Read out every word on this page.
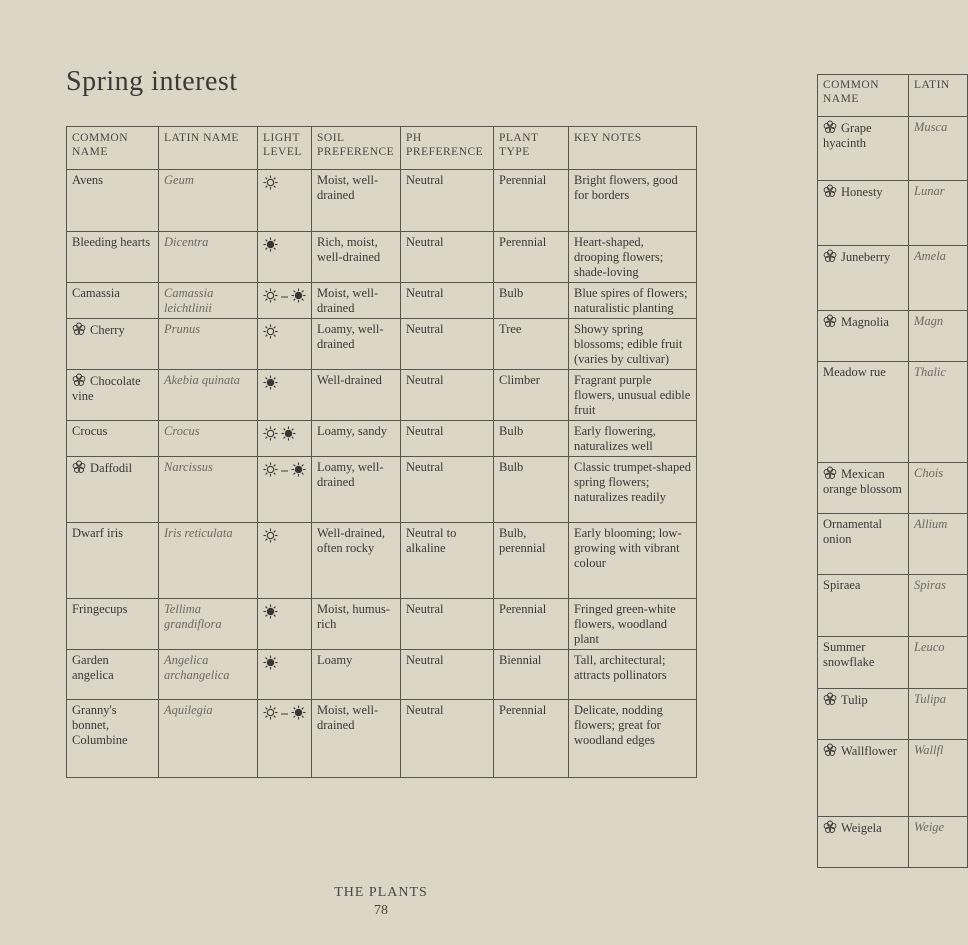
Spring interest
COMMON NAME	LATIN NAME	LIGHT LEVEL	SOIL PREFERENCE	PH PREFERENCE	PLANT TYPE	KEY NOTES
Avens	Geum		Moist, well-drained	Neutral	Perennial	Bright flowers, good for borders
Bleeding hearts	Dicentra		Rich, moist, well-drained	Neutral	Perennial	Heart-shaped, drooping flowers; shade-loving
Camassia	Camassia leichtlinii		Moist, well-drained	Neutral	Bulb	Blue spires of flowers; naturalistic planting
Cherry	Prunus		Loamy, well-drained	Neutral	Tree	Showy spring blossoms; edible fruit (varies by cultivar)
Chocolate vine	Akebia quinata		Well-drained	Neutral	Climber	Fragrant purple flowers, unusual edible fruit
Crocus	Crocus		Loamy, sandy	Neutral	Bulb	Early flowering, naturalizes well
Daffodil	Narcissus		Loamy, well-drained	Neutral	Bulb	Classic trumpet-shaped spring flowers; naturalizes readily
Dwarf iris	Iris reticulata		Well-drained, often rocky	Neutral to alkaline	Bulb, perennial	Early blooming; low-growing with vibrant colour
Fringecups	Tellima grandiflora		Moist, humus-rich	Neutral	Perennial	Fringed green-white flowers, woodland plant
Garden angelica	Angelica archangelica		Loamy	Neutral	Biennial	Tall, architectural; attracts pollinators
Granny's bonnet, Columbine	Aquilegia		Moist, well-drained	Neutral	Perennial	Delicate, nodding flowers; great for woodland edges
COMMON NAME	LATIN
Grape hyacinth	Musca
Honesty	Lunar
Juneberry	Amela
Magnolia	Magn
Meadow rue	Thalic
Mexican orange blossom	Chois
Ornamental onion	Allium
Spiraea	Spiras
Summer snowflake	Leuco
Tulip	Tulipa
Wallflower	Wallfl
Weigela	Weige
THE PLANTS
78
